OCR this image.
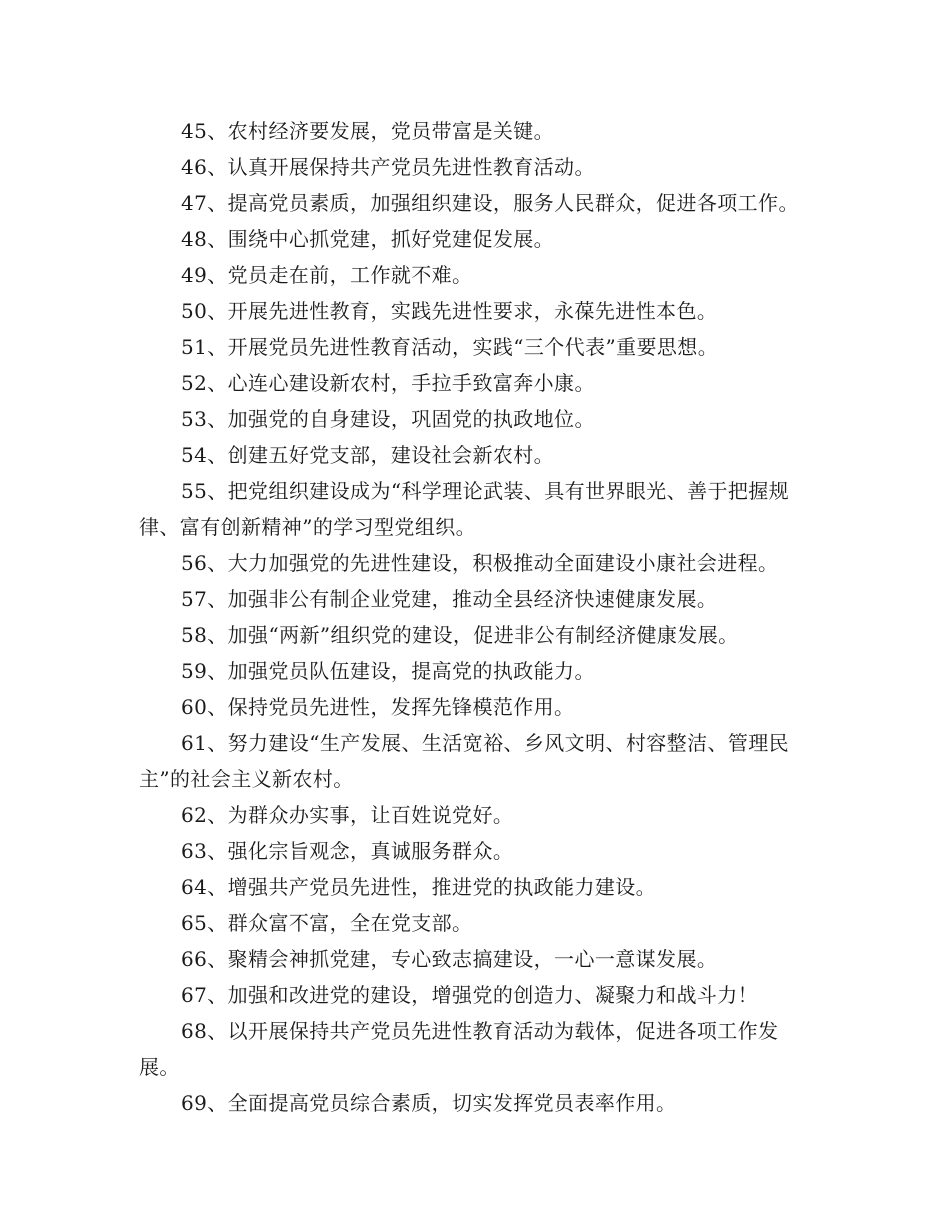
45、农村经济要发展，党员带富是关键。

46、认真开展保持共产党员先进性教育活动。

47、提高党员素质，加强组织建设，服务人民群众，促进各项工作。

48、围绕中心抓党建，抓好党建促发展。

49、党员走在前，工作就不难。

50、开展先进性教育，实践先进性要求，永葆先进性本色。

51、开展党员先进性教育活动，实践“三个代表”重要思想。

52、心连心建设新农村，手拉手致富奔小康。

53、加强党的自身建设，巩固党的执政地位。

54、创建五好党支部，建设社会新农村。

55、把党组织建设成为“科学理论武装、具有世界眼光、善于把握规律、富有创新精神”的学习型党组织。

56、大力加强党的先进性建设，积极推动全面建设小康社会进程。

57、加强非公有制企业党建，推动全县经济快速健康发展。

58、加强“两新”组织党的建设，促进非公有制经济健康发展。

59、加强党员队伍建设，提高党的执政能力。

60、保持党员先进性，发挥先锋模范作用。

61、努力建设“生产发展、生活宽裕、乡风文明、村容整洁、管理民主”的社会主义新农村。

62、为群众办实事，让百姓说党好。

63、强化宗旨观念，真诚服务群众。

64、增强共产党员先进性，推进党的执政能力建设。

65、群众富不富，全在党支部。

66、聚精会神抓党建，专心致志搞建设，一心一意谋发展。

67、加强和改进党的建设，增强党的创造力、凝聚力和战斗力！

68、以开展保持共产党员先进性教育活动为载体，促进各项工作发展。

69、全面提高党员综合素质，切实发挥党员表率作用。
